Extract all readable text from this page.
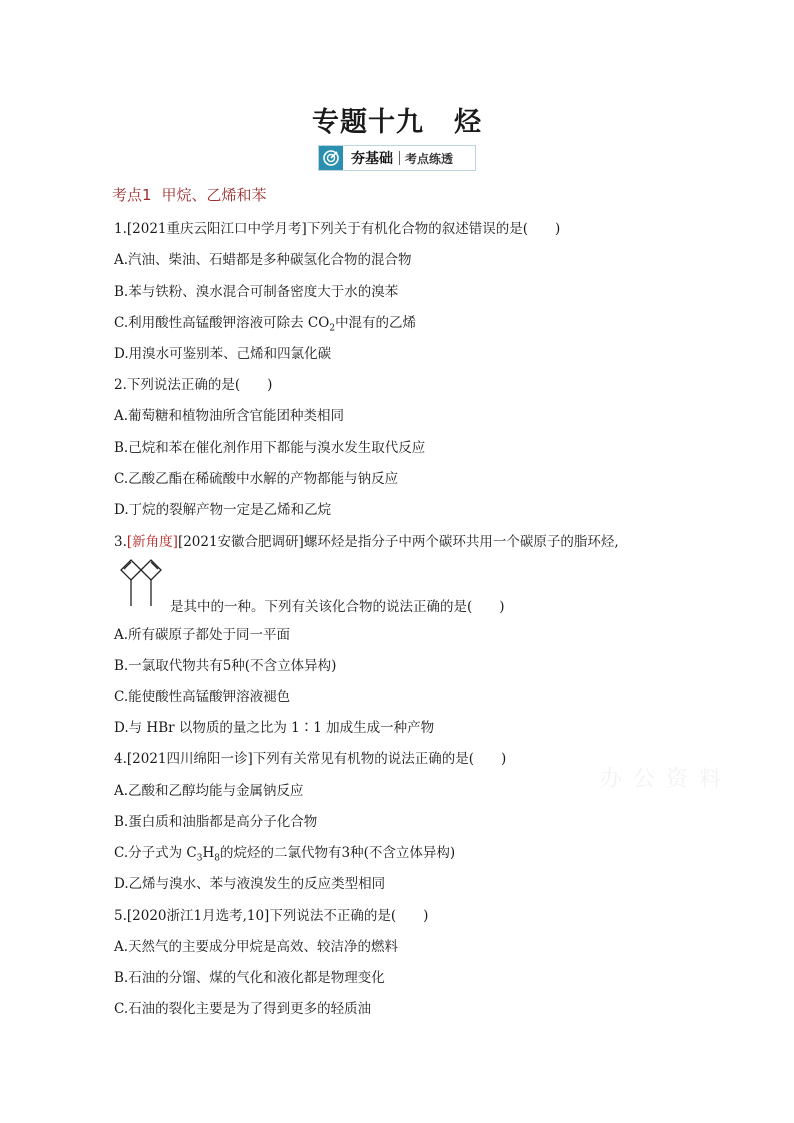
专题十九 烃
夯基础	考点练透
考点1 甲烷、乙烯和苯
1.[2021重庆云阳江口中学月考]下列关于有机化合物的叙述错误的是(　　)
A.汽油、柴油、石蜡都是多种碳氢化合物的混合物
B.苯与铁粉、溴水混合可制备密度大于水的溴苯
C.利用酸性高锰酸钾溶液可除去 $CO_2$中混有的乙烯
D.用溴水可鉴别苯、己烯和四氯化碳
2.下列说法正确的是(　　)
A.葡萄糖和植物油所含官能团种类相同
B.己烷和苯在催化剂作用下都能与溴水发生取代反应
C.乙酸乙酯在稀硫酸中水解的产物都能与钠反应
D.丁烷的裂解产物一定是乙烯和乙烷
3.[新角度][2021安徽合肥调研]螺环烃是指分子中两个碳环共用一个碳原子的脂环烃,
是其中的一种。下列有关该化合物的说法正确的是(　　)
A.所有碳原子都处于同一平面
B.一氯取代物共有5种(不含立体异构)
C.能使酸性高锰酸钾溶液褪色
D.与 HBr 以物质的量之比为 1∶1 加成生成一种产物
4.[2021四川绵阳一诊]下列有关常见有机物的说法正确的是(　　)
A.乙酸和乙醇均能与金属钠反应
B.蛋白质和油脂都是高分子化合物
C.分子式为 $C_3H_8$的烷烃的二氯代物有3种(不含立体异构)
D.乙烯与溴水、苯与液溴发生的反应类型相同
5.[2020浙江1月选考,10]下列说法不正确的是(　　)
A.天然气的主要成分甲烷是高效、较洁净的燃料
B.石油的分馏、煤的气化和液化都是物理变化
C.石油的裂化主要是为了得到更多的轻质油
办 公 资 料
